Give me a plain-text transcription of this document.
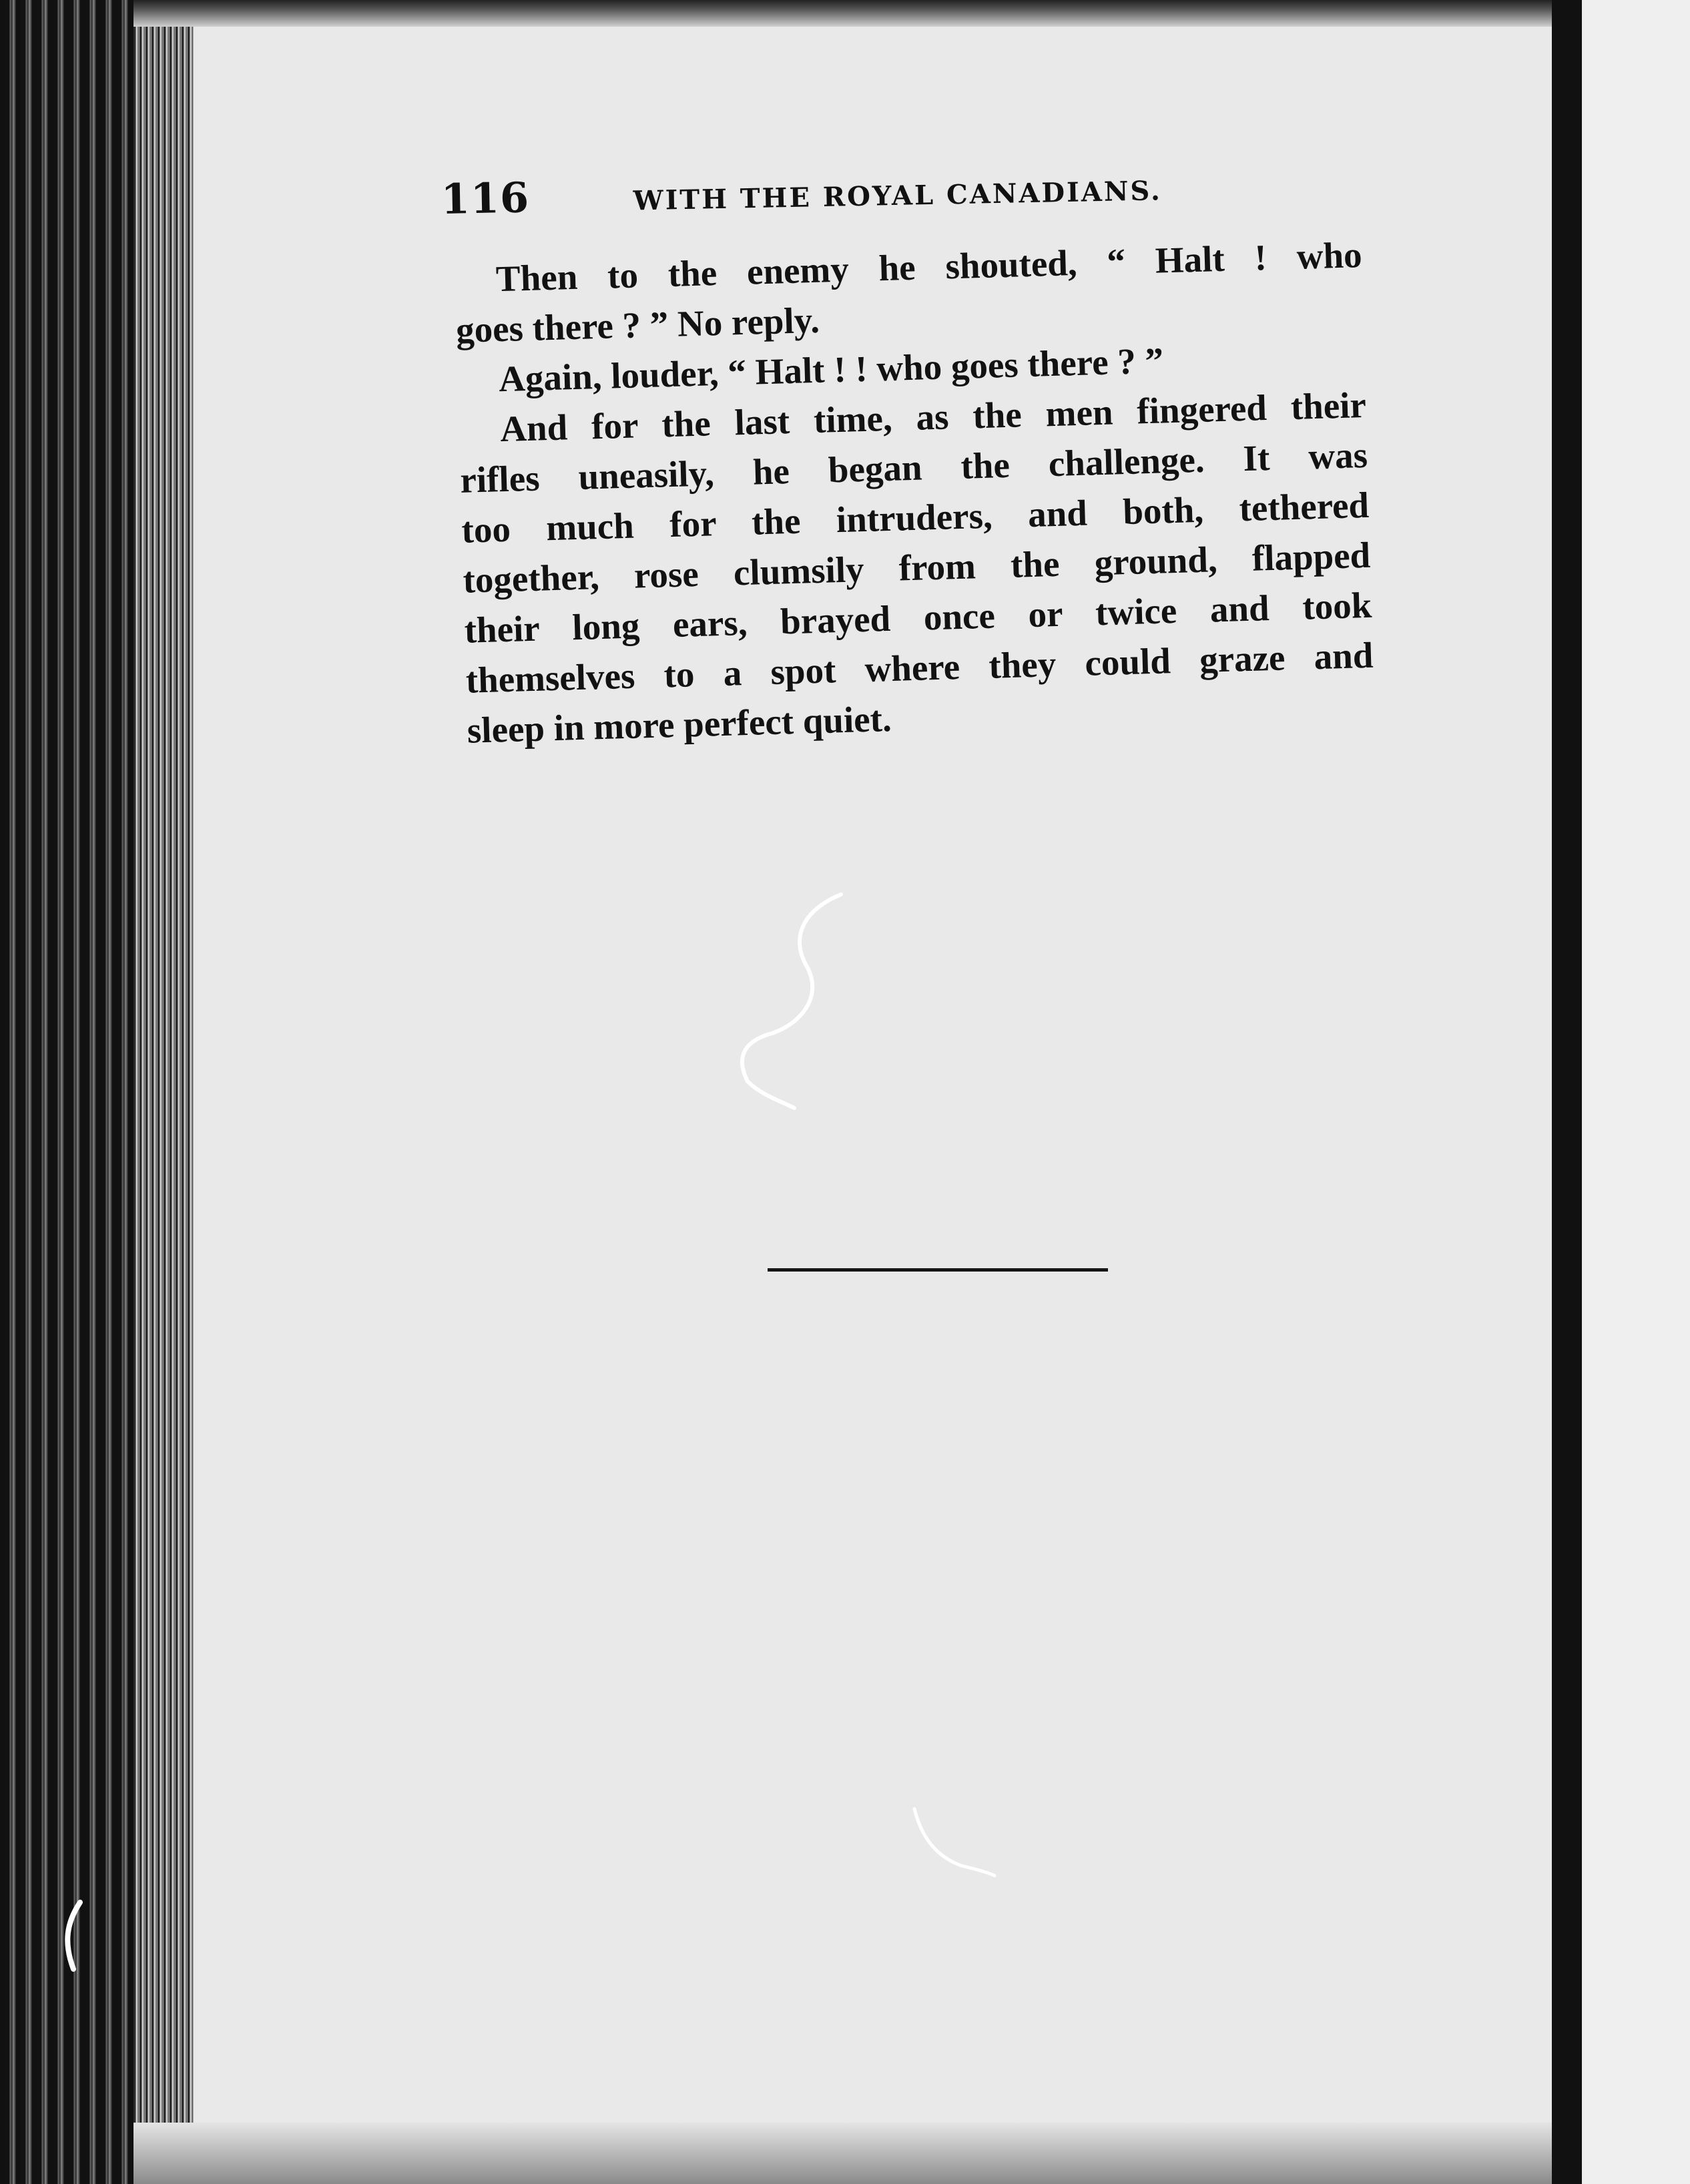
116	WITH THE ROYAL CANADIANS.
Then to the enemy he shouted, “ Halt ! who
goes there ? ” No reply.
Again, louder, “ Halt ! ! who goes there ? ”
And for the last time, as the men fingered their
rifles uneasily, he began the challenge. It was
too much for the intruders, and both, tethered
together, rose clumsily from the ground, flapped
their long ears, brayed once or twice and took
themselves to a spot where they could graze and
sleep in more perfect quiet.
